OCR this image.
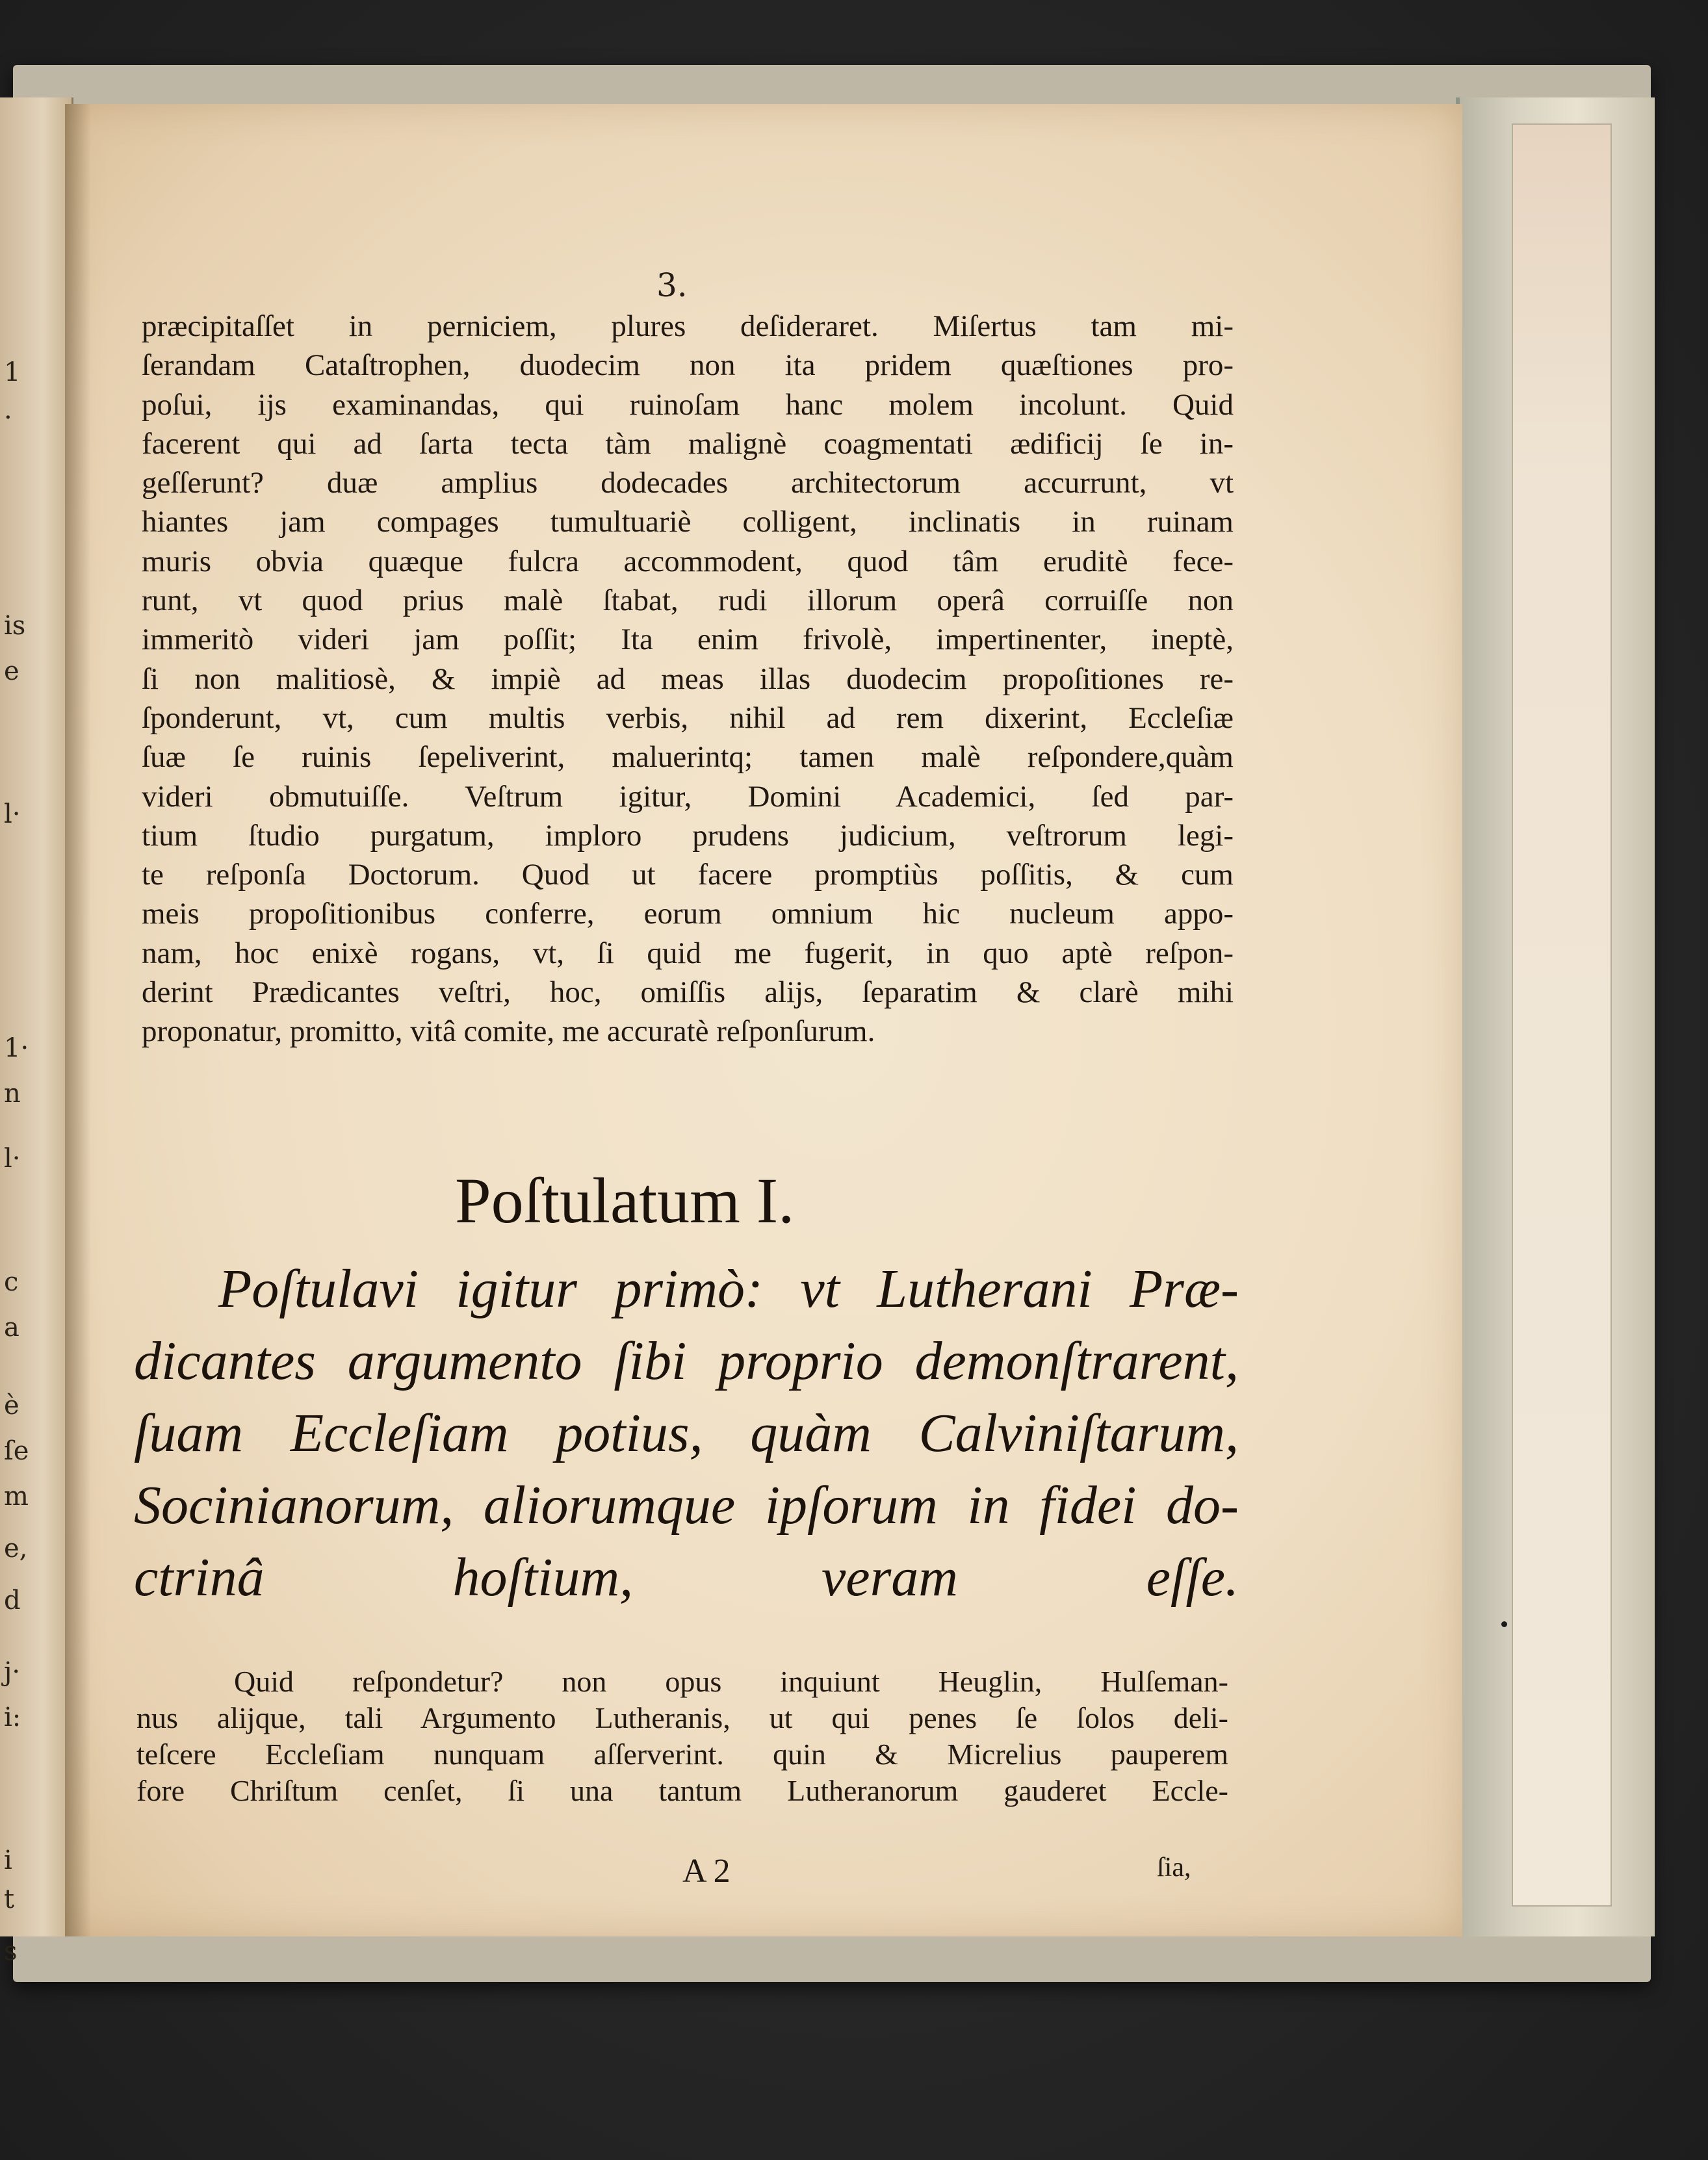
1
·
is
e
l·
1·
n
l·
c
a
è
ſe
m
e,
d
j·
i:
i
t
s
3.
præcipitaſſet in perniciem, plures deſideraret. Miſertus tam mi-
ſerandam Cataſtrophen, duodecim non ita pridem quæſtiones pro-
poſui, ijs examinandas, qui ruinoſam hanc molem incolunt. Quid
facerent qui ad ſarta tecta tàm malignè coagmentati ædificij ſe in-
geſſerunt? duæ amplius dodecades architectorum accurrunt, vt
hiantes jam compages tumultuariè colligent, inclinatis in ruinam
muris obvia quæque fulcra accommodent, quod tâm eruditè fece-
runt, vt quod prius malè ſtabat, rudi illorum operâ corruiſſe non
immeritò videri jam poſſit; Ita enim frivolè, impertinenter, ineptè,
ſi non malitiosè, & impiè ad meas illas duodecim propoſitiones re-
ſponderunt, vt, cum multis verbis, nihil ad rem dixerint, Eccleſiæ
ſuæ ſe ruinis ſepeliverint, maluerintq; tamen malè reſpondere,quàm
videri obmutuiſſe. Veſtrum igitur, Domini Academici, ſed par-
tium ſtudio purgatum, imploro prudens judicium, veſtrorum legi-
te reſponſa Doctorum. Quod ut facere promptiùs poſſitis, & cum
meis propoſitionibus conferre, eorum omnium hic nucleum appo-
nam, hoc enixè rogans, vt, ſi quid me fugerit, in quo aptè reſpon-
derint Prædicantes veſtri, hoc, omiſſis alijs, ſeparatim & clarè mihi
proponatur, promitto, vitâ comite, me accuratè reſponſurum.
Poſtulatum I.
Poſtulavi igitur primò: vt Lutherani Præ-
dicantes argumento ſibi proprio demonſtrarent,
ſuam Eccleſiam potius, quàm Calviniſtarum,
Socinianorum, aliorumque ipſorum in fidei do-
ctrinâ hoſtium, veram eſſe.
Quid reſpondetur? non opus inquiunt Heuglin, Hulſeman-
nus alijque, tali Argumento Lutheranis, ut qui penes ſe ſolos deli-
teſcere Eccleſiam nunquam aſſerverint. quin & Micrelius pauperem
fore Chriſtum cenſet, ſi una tantum Lutheranorum gauderet Eccle-
A 2	ſia,
